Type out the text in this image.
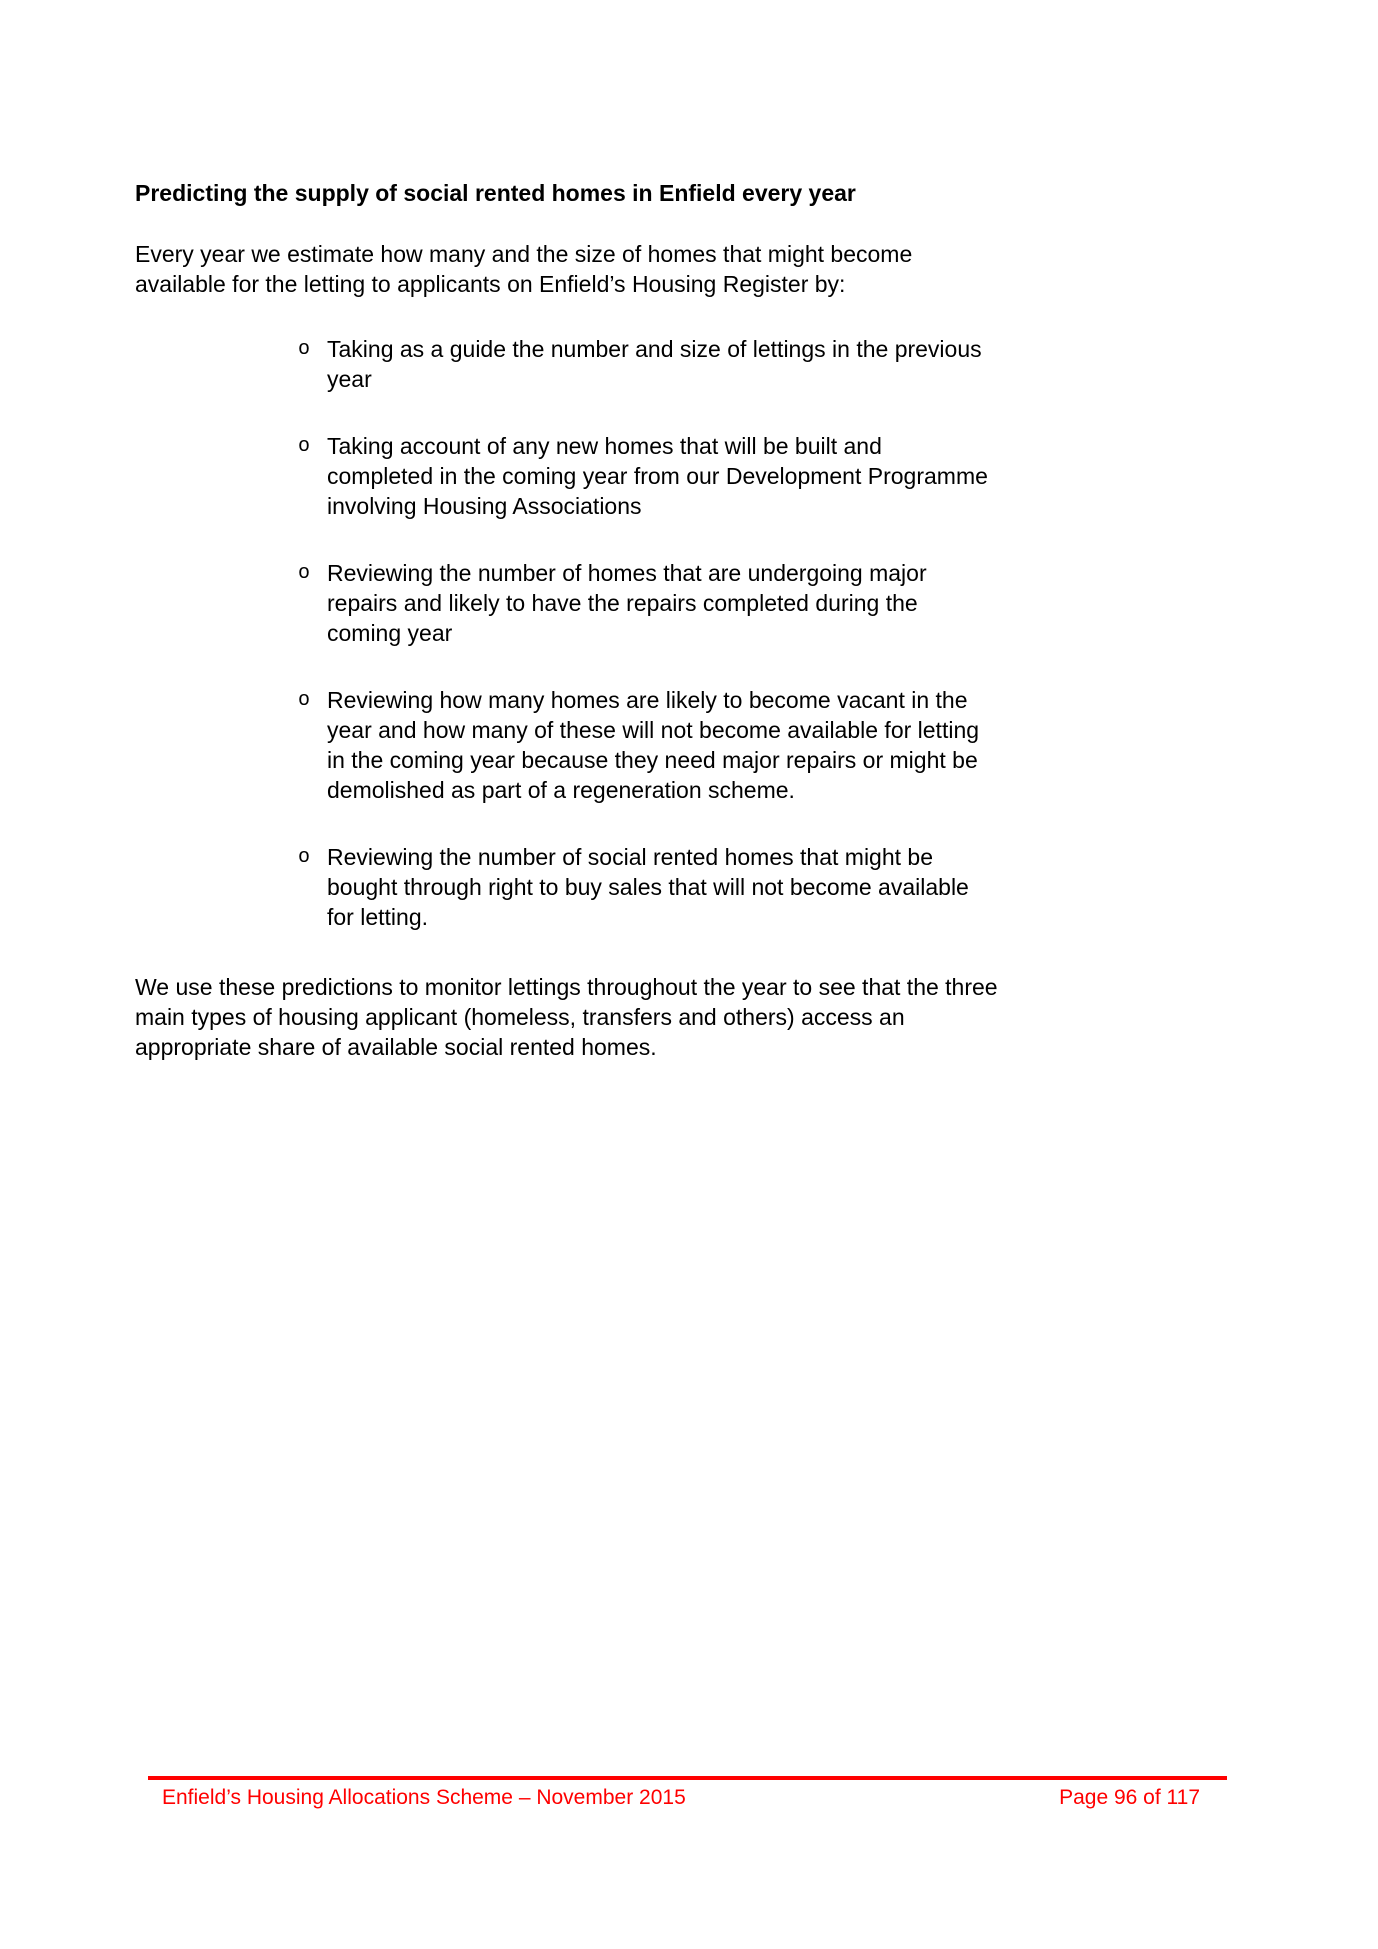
Predicting the supply of social rented homes in Enfield every year
Every year we estimate how many and the size of homes that might become
available for the letting to applicants on Enfield’s Housing Register by:
o Taking as a guide the number and size of lettings in the previous
year
o Taking account of any new homes that will be built and
completed in the coming year from our Development Programme
involving Housing Associations
o Reviewing the number of homes that are undergoing major
repairs and likely to have the repairs completed during the
coming year
o Reviewing how many homes are likely to become vacant in the
year and how many of these will not become available for letting
in the coming year because they need major repairs or might be
demolished as part of a regeneration scheme.
o Reviewing the number of social rented homes that might be
bought through right to buy sales that will not become available
for letting.
We use these predictions to monitor lettings throughout the year to see that the three
main types of housing applicant (homeless, transfers and others) access an
appropriate share of available social rented homes.
Enfield’s Housing Allocations Scheme – November 2015	Page 96 of 117
